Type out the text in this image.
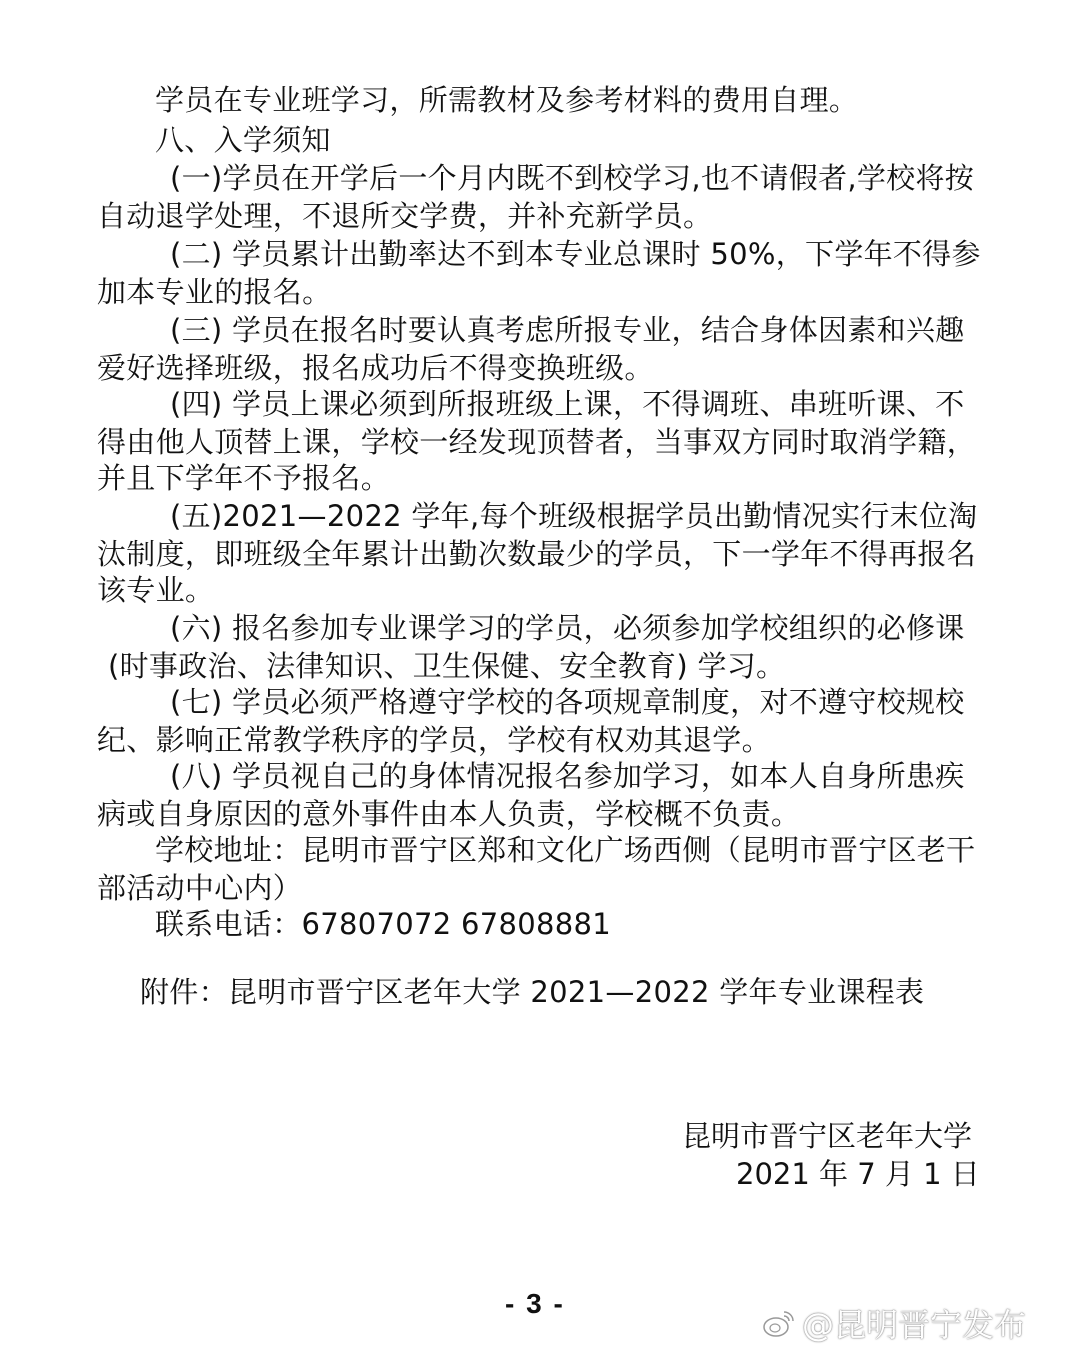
学员在专业班学习，所需教材及参考材料的费用自理。
八、入学须知
(一)学员在开学后一个月内既不到校学习,也不请假者,学校将按
自动退学处理，不退所交学费，并补充新学员。
(二) 学员累计出勤率达不到本专业总课时 50%，下学年不得参
加本专业的报名。
(三) 学员在报名时要认真考虑所报专业，结合身体因素和兴趣
爱好选择班级，报名成功后不得变换班级。
(四) 学员上课必须到所报班级上课，不得调班、串班听课、不
得由他人顶替上课，学校一经发现顶替者，当事双方同时取消学籍，
并且下学年不予报名。
(五)2021—2022 学年,每个班级根据学员出勤情况实行末位淘
汰制度，即班级全年累计出勤次数最少的学员，下一学年不得再报名
该专业。
(六) 报名参加专业课学习的学员，必须参加学校组织的必修课
(时事政治、法律知识、卫生保健、安全教育) 学习。
(七) 学员必须严格遵守学校的各项规章制度，对不遵守校规校
纪、影响正常教学秩序的学员，学校有权劝其退学。
(八) 学员视自己的身体情况报名参加学习，如本人自身所患疾
病或自身原因的意外事件由本人负责，学校概不负责。
学校地址：昆明市晋宁区郑和文化广场西侧（昆明市晋宁区老干
部活动中心内）
联系电话：67807072 67808881
附件：昆明市晋宁区老年大学 2021—2022 学年专业课程表
昆明市晋宁区老年大学
2021 年 7 月 1 日
- 3 -
@昆明晋宁发布
